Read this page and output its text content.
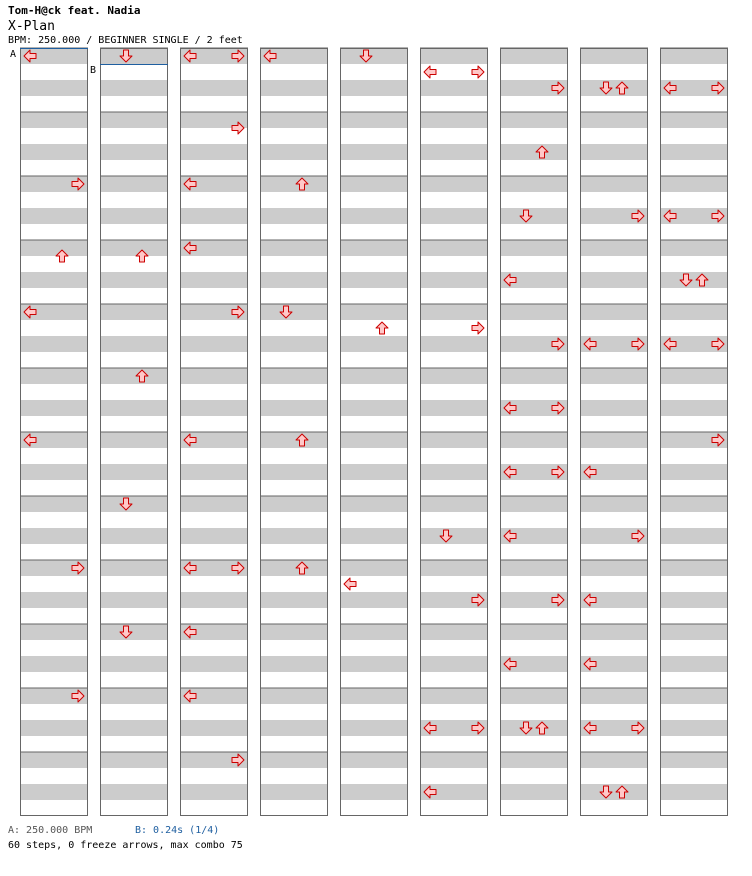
Tom-H@ck feat. Nadia
X-Plan
BPM: 250.000 / BEGINNER SINGLE / 2 feet
A
B
A: 250.000 BPM	B: 0.24s (1/4)
60 steps, 0 freeze arrows, max combo 75
